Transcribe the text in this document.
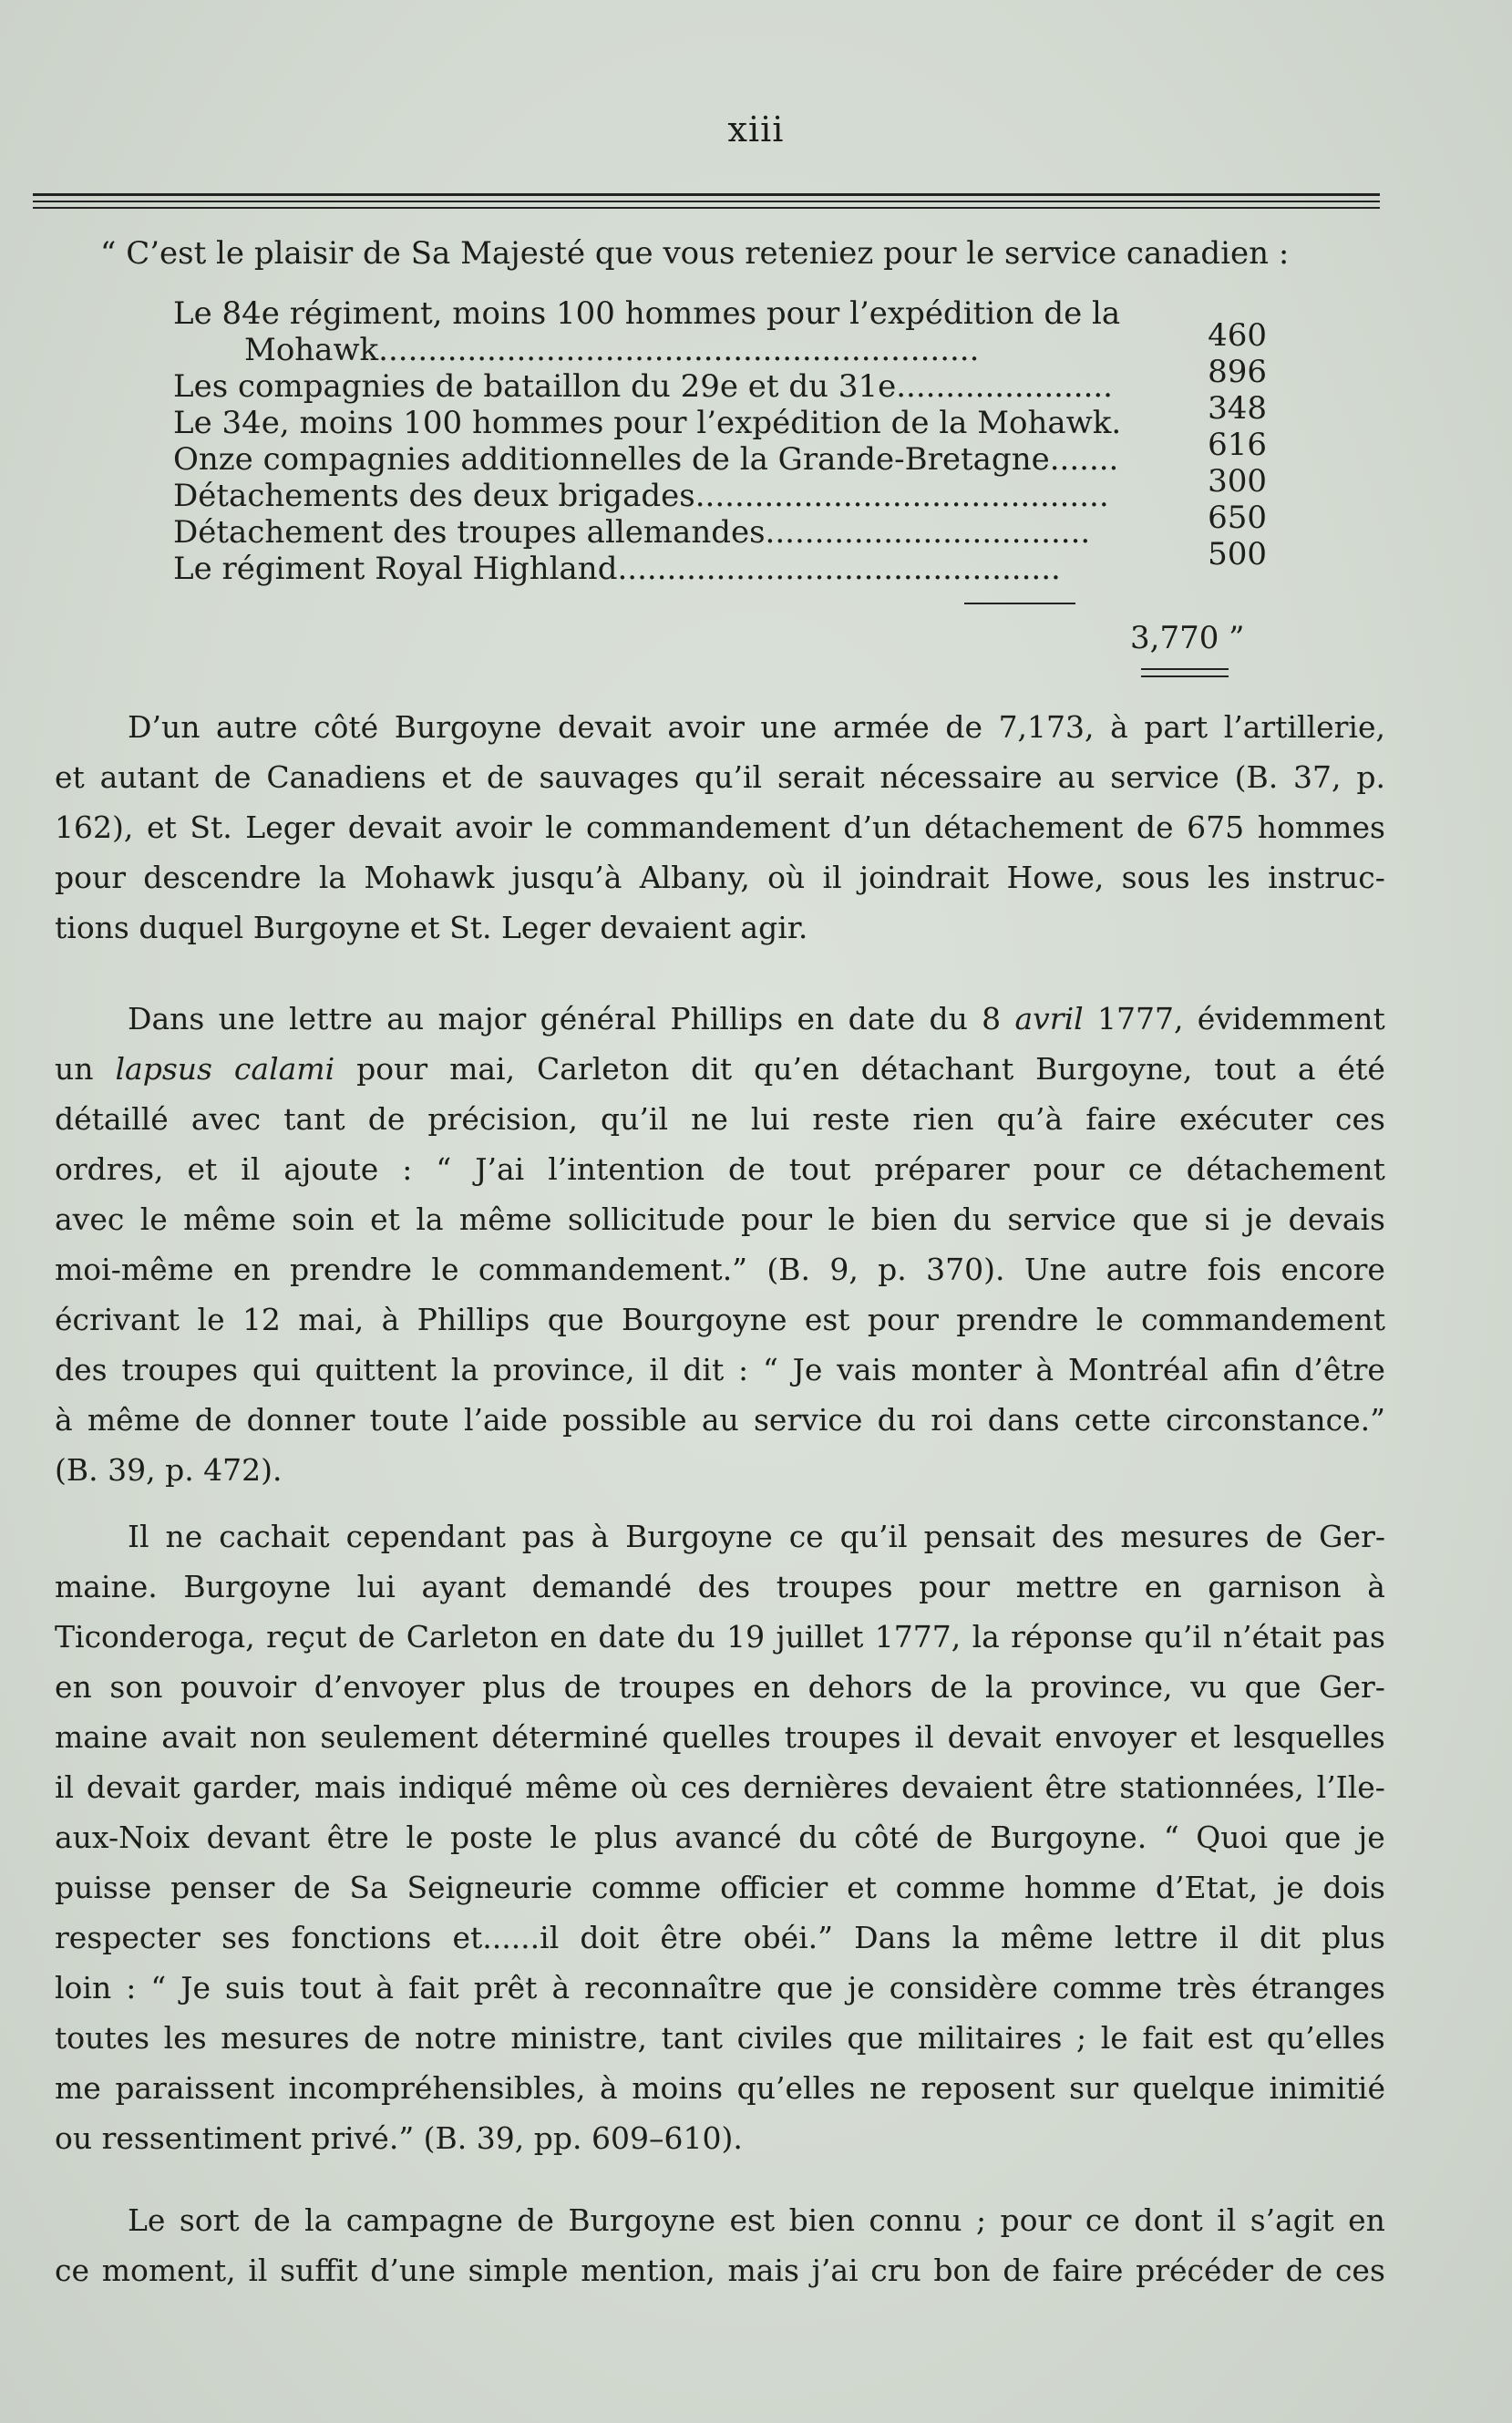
xiii
“ C’est le plaisir de Sa Majesté que vous reteniez pour le service canadien :
Le 84e régiment, moins 100 hommes pour l’expédition de la
Mohawk.............................................................	460
Les compagnies de bataillon du 29e et du 31e......................	896
Le 34e, moins 100 hommes pour l’expédition de la Mohawk.	348
Onze compagnies additionnelles de la Grande-Bretagne.......	616
Détachements des deux brigades..........................................	300
Détachement des troupes allemandes.................................	650
Le régiment Royal Highland.............................................	500
3,770 ”
D’un autre côté Burgoyne devait avoir une armée de 7,173, à part l’artillerie,
et autant de Canadiens et de sauvages qu’il serait nécessaire au service (B. 37, p.
162), et St. Leger devait avoir le commandement d’un détachement de 675 hommes
pour descendre la Mohawk jusqu’à Albany, où il joindrait Howe, sous les instruc-
tions duquel Burgoyne et St. Leger devaient agir.
Dans une lettre au major général Phillips en date du 8 avril 1777, évidemment
un lapsus calami pour mai, Carleton dit qu’en détachant Burgoyne, tout a été
détaillé avec tant de précision, qu’il ne lui reste rien qu’à faire exécuter ces
ordres, et il ajoute : “ J’ai l’intention de tout préparer pour ce détachement
avec le même soin et la même sollicitude pour le bien du service que si je devais
moi-même en prendre le commandement.” (B. 9, p. 370). Une autre fois encore
écrivant le 12 mai, à Phillips que Bourgoyne est pour prendre le commandement
des troupes qui quittent la province, il dit : “ Je vais monter à Montréal afin d’être
à même de donner toute l’aide possible au service du roi dans cette circonstance.”
(B. 39, p. 472).
Il ne cachait cependant pas à Burgoyne ce qu’il pensait des mesures de Ger-
maine. Burgoyne lui ayant demandé des troupes pour mettre en garnison à
Ticonderoga, reçut de Carleton en date du 19 juillet 1777, la réponse qu’il n’était pas
en son pouvoir d’envoyer plus de troupes en dehors de la province, vu que Ger-
maine avait non seulement déterminé quelles troupes il devait envoyer et lesquelles
il devait garder, mais indiqué même où ces dernières devaient être stationnées, l’Ile-
aux-Noix devant être le poste le plus avancé du côté de Burgoyne. “ Quoi que je
puisse penser de Sa Seigneurie comme officier et comme homme d’Etat, je dois
respecter ses fonctions et......il doit être obéi.” Dans la même lettre il dit plus
loin : “ Je suis tout à fait prêt à reconnaître que je considère comme très étranges
toutes les mesures de notre ministre, tant civiles que militaires ; le fait est qu’elles
me paraissent incompréhensibles, à moins qu’elles ne reposent sur quelque inimitié
ou ressentiment privé.” (B. 39, pp. 609–610).
Le sort de la campagne de Burgoyne est bien connu ; pour ce dont il s’agit en
ce moment, il suffit d’une simple mention, mais j’ai cru bon de faire précéder de ces
